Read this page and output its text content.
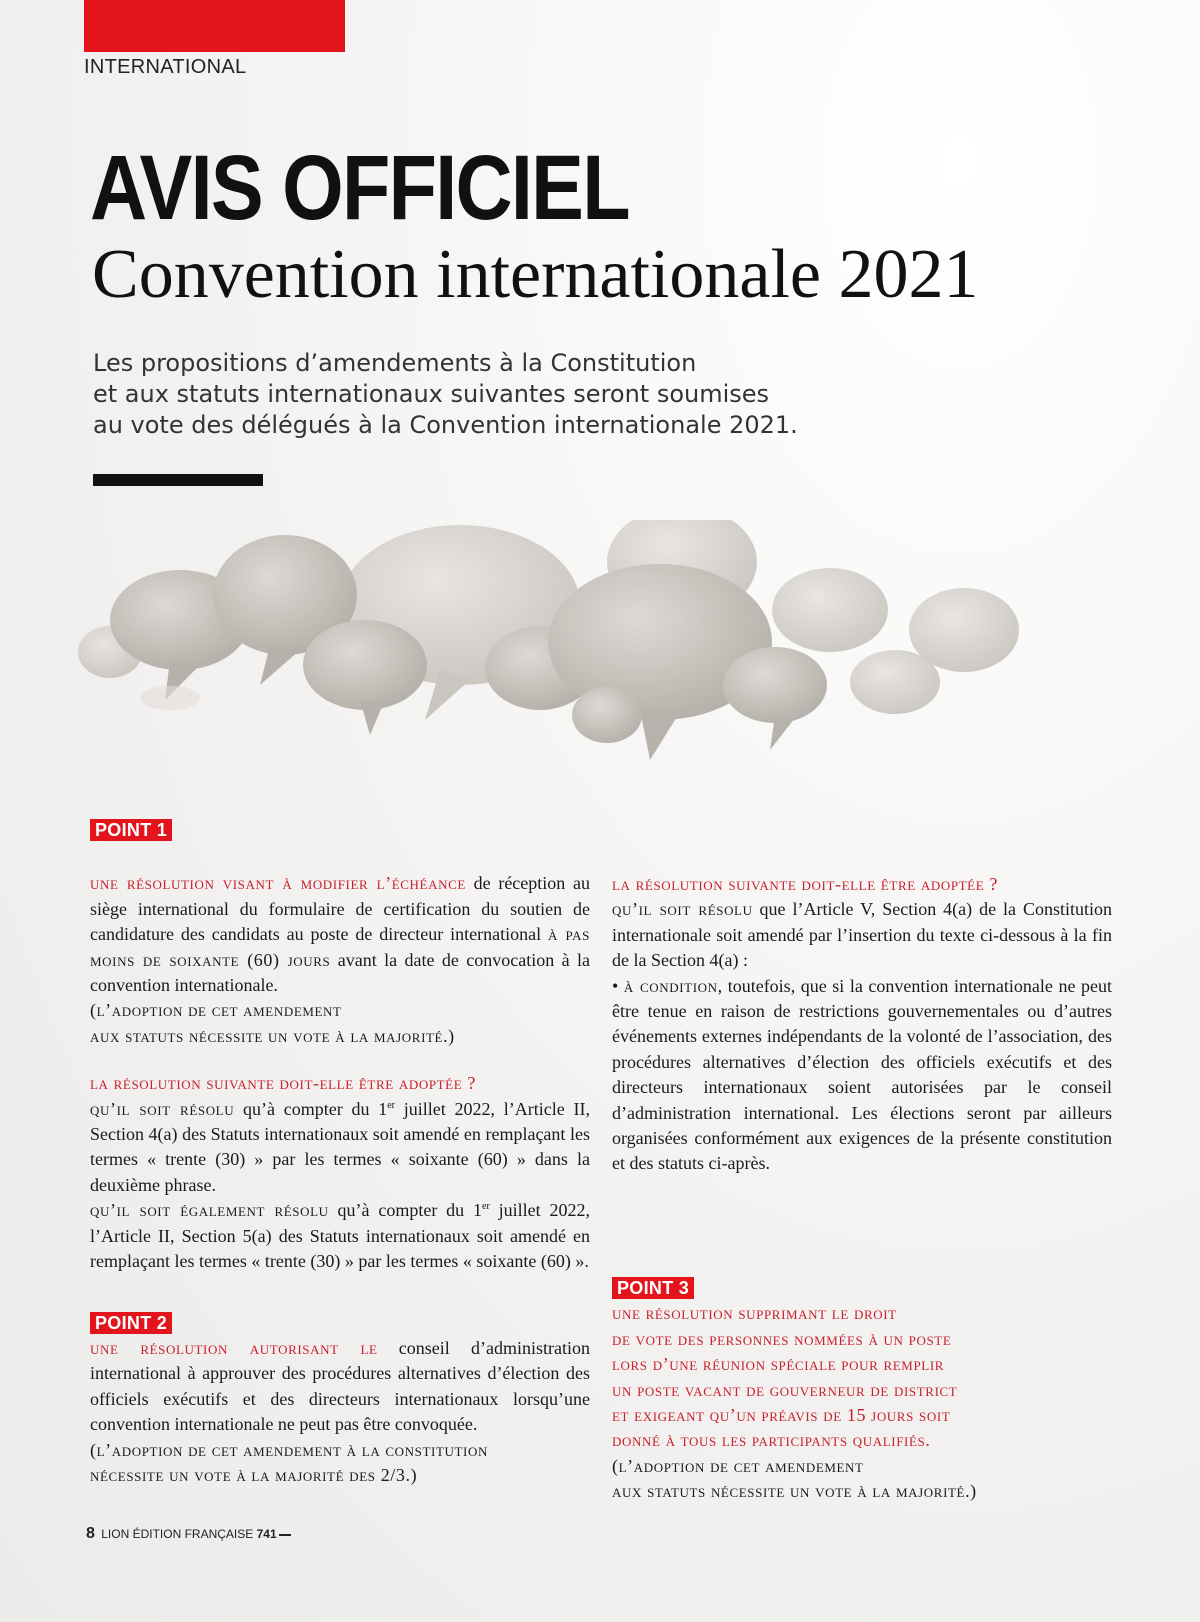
INTERNATIONAL
AVIS OFFICIEL
Convention internationale 2021
Les propositions d’amendements à la Constitution
et aux statuts internationaux suivantes seront soumises
au vote des délégués à la Convention internationale 2021.
POINT 1

une résolution visant à modifier l’échéance de réception au siège international du formulaire de certification du soutien de candidature des candidats au poste de directeur international à pas moins de soixante (60) jours avant la date de convocation à la convention internationale.

(l’adoption de cet amendement
aux statuts nécessite un vote à la majorité.)

la résolution suivante doit-elle être adoptée ?

qu’il soit résolu qu’à compter du 1er juillet 2022, l’Article II, Section 4(a) des Statuts internationaux soit amendé en remplaçant les termes « trente (30) » par les termes « soixante (60) » dans la deuxième phrase.

qu’il soit également résolu qu’à compter du 1er juillet 2022, l’Article II, Section 5(a) des Statuts internationaux soit amendé en remplaçant les termes « trente (30) » par les termes « soixante (60) ».

POINT 2

une résolution autorisant le conseil d’administration international à approuver des procédures alternatives d’élection des officiels exécutifs et des directeurs internationaux lorsqu’une convention internationale ne peut pas être convoquée.

(l’adoption de cet amendement à la constitution
nécessite un vote à la majorité des 2/3.)

la résolution suivante doit-elle être adoptée ?

qu’il soit résolu que l’Article V, Section 4(a) de la Constitution internationale soit amendé par l’insertion du texte ci-dessous à la fin de la Section 4(a) :

• à condition, toutefois, que si la convention internationale ne peut être tenue en raison de restrictions gouvernementales ou d’autres événements externes indépendants de la volonté de l’association, des procédures alternatives d’élection des officiels exécutifs et des directeurs internationaux soient autorisées par le conseil d’administration international. Les élections seront par ailleurs organisées conformément aux exigences de la présente constitution et des statuts ci-après.

POINT 3

une résolution supprimant le droit
de vote des personnes nommées à un poste
lors d’une réunion spéciale pour remplir
un poste vacant de gouverneur de district
et exigeant qu’un préavis de 15 jours soit
donné à tous les participants qualifiés.

(l’adoption de cet amendement
aux statuts nécessite un vote à la majorité.)

8 LION ÉDITION FRANÇAISE 741
